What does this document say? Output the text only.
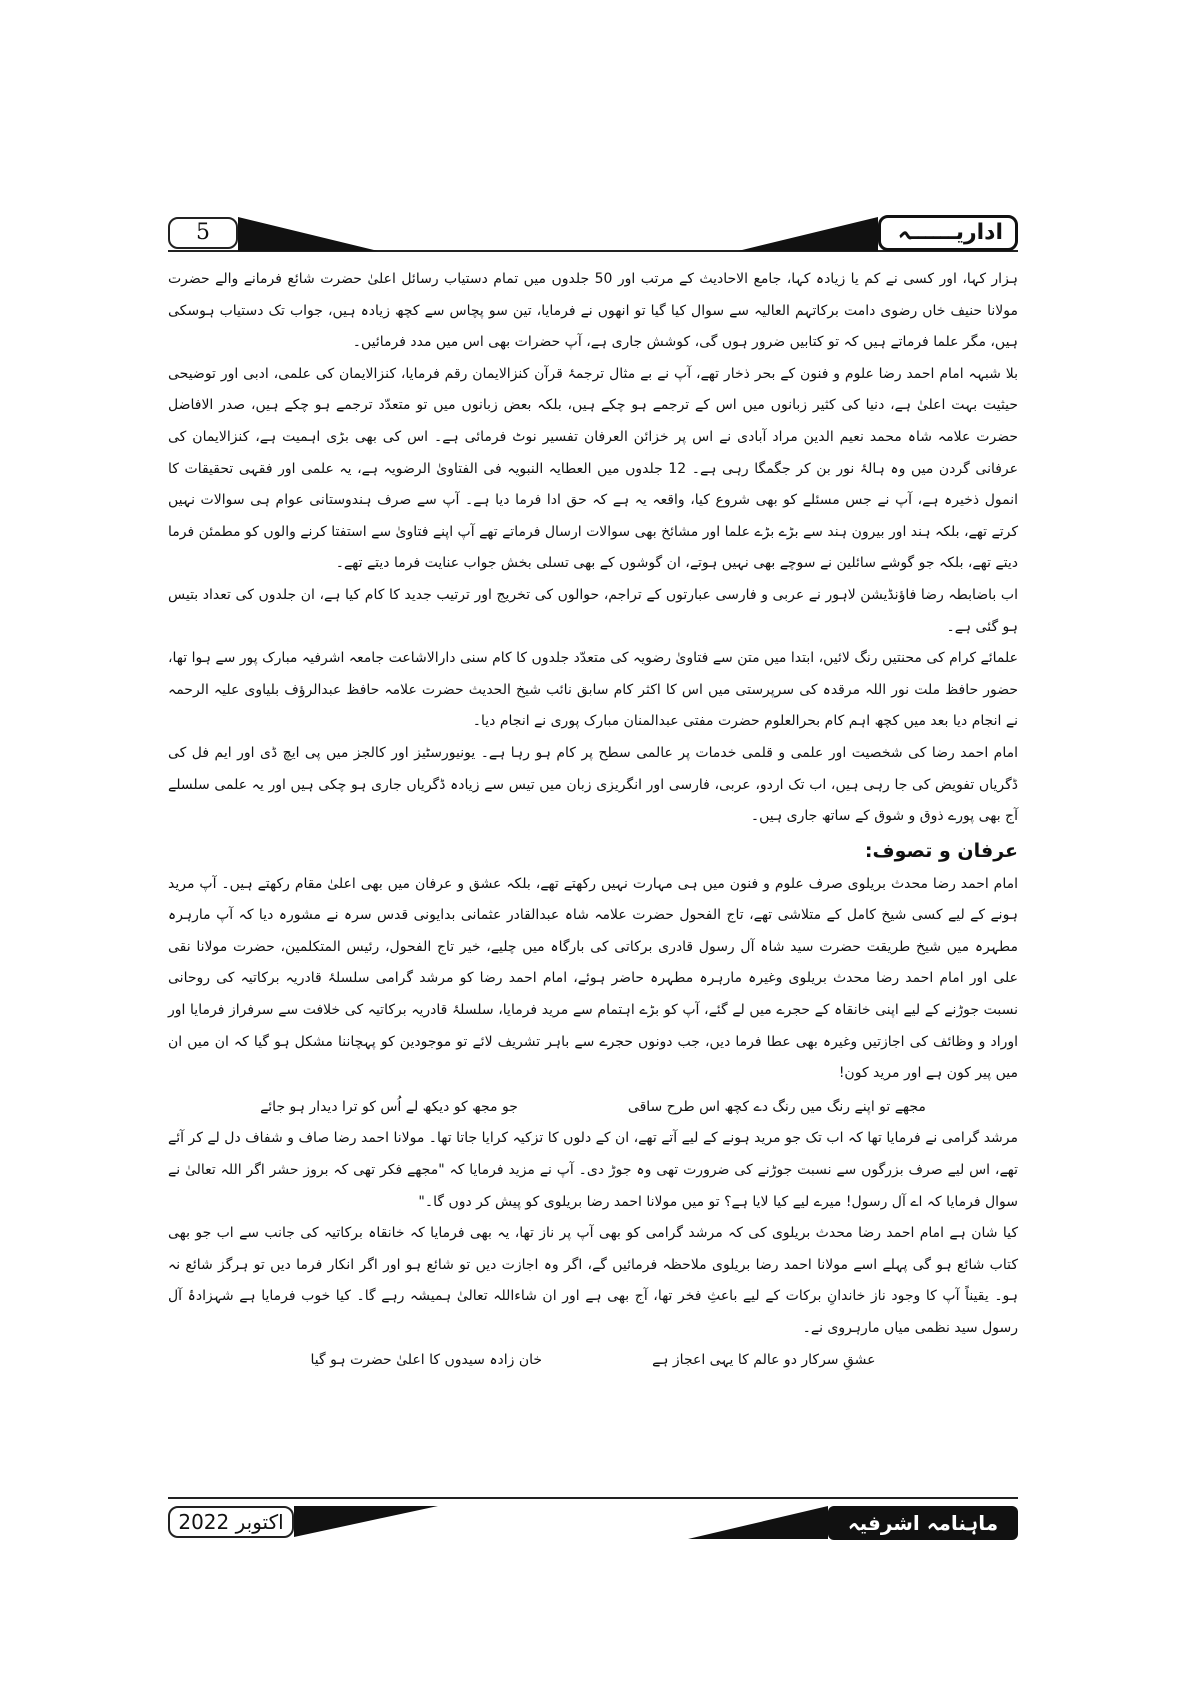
5	اداریــــــہ

ہزار کہا، اور کسی نے کم یا زیادہ کہا، جامع الاحادیث کے مرتب اور 50 جلدوں میں تمام دستیاب رسائل اعلیٰ حضرت شائع فرمانے والے حضرت مولانا حنیف خاں رضوی دامت برکاتہم العالیہ سے سوال کیا گیا تو انھوں نے فرمایا، تین سو پچاس سے کچھ زیادہ ہیں، جواب تک دستیاب ہوسکی ہیں، مگر علما فرماتے ہیں کہ تو کتابیں ضرور ہوں گی، کوشش جاری ہے، آپ حضرات بھی اس میں مدد فرمائیں۔

بلا شبہہ امام احمد رضا علوم و فنون کے بحر ذخار تھے، آپ نے بے مثال ترجمۂ قرآن کنزالایمان رقم فرمایا، کنزالایمان کی علمی، ادبی اور توضیحی حیثیت بہت اعلیٰ ہے، دنیا کی کثیر زبانوں میں اس کے ترجمے ہو چکے ہیں، بلکہ بعض زبانوں میں تو متعدّد ترجمے ہو چکے ہیں، صدر الافاضل حضرت علامہ شاہ محمد نعیم الدین مراد آبادی نے اس پر خزائن العرفان تفسیر نوٹ فرمائی ہے۔ اس کی بھی بڑی اہمیت ہے، کنزالایمان کی عرفانی گردن میں وہ ہالۂ نور بن کر جگمگا رہی ہے۔ 12 جلدوں میں العطایہ النبویہ فی الفتاویٰ الرضویہ ہے، یہ علمی اور فقہی تحقیقات کا انمول ذخیرہ ہے، آپ نے جس مسئلے کو بھی شروع کیا، واقعہ یہ ہے کہ حق ادا فرما دیا ہے۔ آپ سے صرف ہندوستانی عوام ہی سوالات نہیں کرتے تھے، بلکہ ہند اور بیرون ہند سے بڑے بڑے علما اور مشائخ بھی سوالات ارسال فرماتے تھے آپ اپنے فتاویٰ سے استفتا کرنے والوں کو مطمئن فرما دیتے تھے، بلکہ جو گوشے سائلین نے سوچے بھی نہیں ہوتے، ان گوشوں کے بھی تسلی بخش جواب عنایت فرما دیتے تھے۔

اب باضابطہ رضا فاؤنڈیشن لاہور نے عربی و فارسی عبارتوں کے تراجم، حوالوں کی تخریج اور ترتیب جدید کا کام کیا ہے، ان جلدوں کی تعداد بتیس ہو گئی ہے۔

علمائے کرام کی محنتیں رنگ لائیں، ابتدا میں متن سے فتاویٰ رضویہ کی متعدّد جلدوں کا کام سنی دارالاشاعت جامعہ اشرفیہ مبارک پور سے ہوا تھا، حضور حافظ ملت نور اللہ مرقدہ کی سرپرستی میں اس کا اکثر کام سابق نائب شیخ الحدیث حضرت علامہ حافظ عبدالرؤف بلیاوی علیہ الرحمہ نے انجام دیا بعد میں کچھ اہم کام بحرالعلوم حضرت مفتی عبدالمنان مبارک پوری نے انجام دیا۔

امام احمد رضا کی شخصیت اور علمی و قلمی خدمات پر عالمی سطح پر کام ہو رہا ہے۔ یونیورسٹیز اور کالجز میں پی ایچ ڈی اور ایم فل کی ڈگریاں تفویض کی جا رہی ہیں، اب تک اردو، عربی، فارسی اور انگریزی زبان میں تیس سے زیادہ ڈگریاں جاری ہو چکی ہیں اور یہ علمی سلسلے آج بھی پورے ذوق و شوق کے ساتھ جاری ہیں۔

عرفان و تصوف:

امام احمد رضا محدث بریلوی صرف علوم و فنون میں ہی مہارت نہیں رکھتے تھے، بلکہ عشق و عرفان میں بھی اعلیٰ مقام رکھتے ہیں۔ آپ مرید ہونے کے لیے کسی شیخ کامل کے متلاشی تھے، تاج الفحول حضرت علامہ شاہ عبدالقادر عثمانی بدایونی قدس سرہ نے مشورہ دیا کہ آپ مارہرہ مطہرہ میں شیخ طریقت حضرت سید شاہ آل رسول قادری برکاتی کی بارگاہ میں چلیے، خیر تاج الفحول، رئیس المتکلمین، حضرت مولانا نقی علی اور امام احمد رضا محدث بریلوی وغیرہ مارہرہ مطہرہ حاضر ہوئے، امام احمد رضا کو مرشد گرامی سلسلۂ قادریہ برکاتیہ کی روحانی نسبت جوڑنے کے لیے اپنی خانقاہ کے حجرے میں لے گئے، آپ کو بڑے اہتمام سے مرید فرمایا، سلسلۂ قادریہ برکاتیہ کی خلافت سے سرفراز فرمایا اور اوراد و وظائف کی اجازتیں وغیرہ بھی عطا فرما دیں، جب دونوں حجرے سے باہر تشریف لائے تو موجودین کو پہچاننا مشکل ہو گیا کہ ان میں ان میں پیر کون ہے اور مرید کون!

مجھے تو اپنے رنگ میں رنگ دے کچھ اس طرح ساقی
جو مجھ کو دیکھ لے اُس کو ترا دیدار ہو جائے

مرشد گرامی نے فرمایا تھا کہ اب تک جو مرید ہونے کے لیے آتے تھے، ان کے دلوں کا تزکیہ کرایا جاتا تھا۔ مولانا احمد رضا صاف و شفاف دل لے کر آئے تھے، اس لیے صرف بزرگوں سے نسبت جوڑنے کی ضرورت تھی وہ جوڑ دی۔ آپ نے مزید فرمایا کہ "مجھے فکر تھی کہ بروز حشر اگر اللہ تعالیٰ نے سوال فرمایا کہ اے آل رسول! میرے لیے کیا لایا ہے؟ تو میں مولانا احمد رضا بریلوی کو پیش کر دوں گا۔"

کیا شان ہے امام احمد رضا محدث بریلوی کی کہ مرشد گرامی کو بھی آپ پر ناز تھا، یہ بھی فرمایا کہ خانقاہ برکاتیہ کی جانب سے اب جو بھی کتاب شائع ہو گی پہلے اسے مولانا احمد رضا بریلوی ملاحظہ فرمائیں گے، اگر وہ اجازت دیں تو شائع ہو اور اگر انکار فرما دیں تو ہرگز شائع نہ ہو۔ یقیناً آپ کا وجود ناز خاندانِ برکات کے لیے باعثِ فخر تھا، آج بھی ہے اور ان شاءاللہ تعالیٰ ہمیشہ رہے گا۔ کیا خوب فرمایا ہے شہزادۂ آل رسول سید نظمی میاں مارہروی نے۔

عشقِ سرکار دو عالم کا یہی اعجاز ہے
خان زادہ سیدوں کا اعلیٰ حضرت ہو گیا
اکتوبر 2022	ماہنامہ اشرفیہ
